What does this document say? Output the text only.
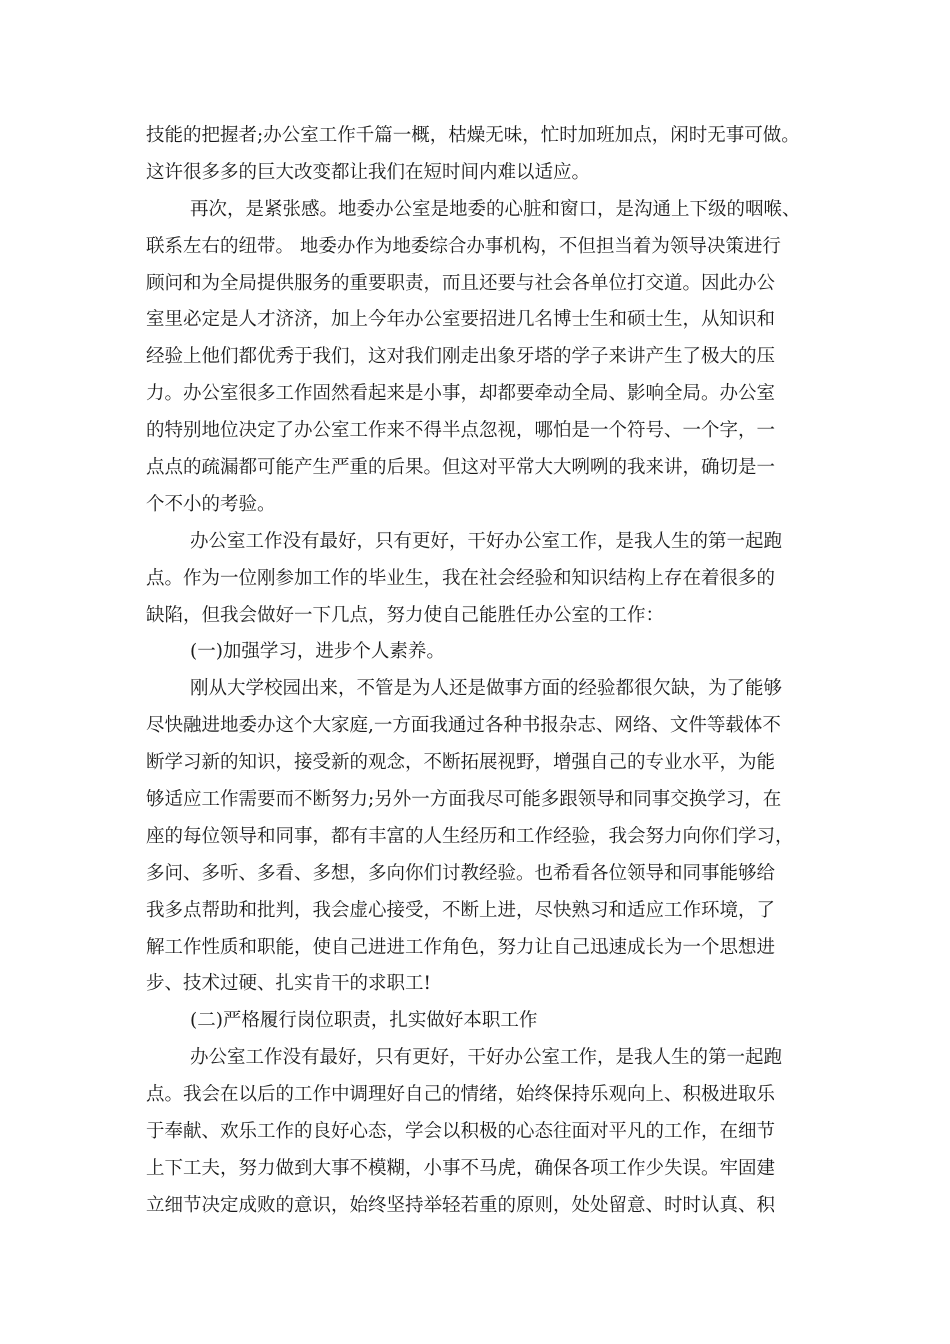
技能的把握者;办公室工作千篇一概，枯燥无味，忙时加班加点，闲时无事可做。
这许很多多的巨大改变都让我们在短时间内难以适应。
再次，是紧张感。地委办公室是地委的心脏和窗口，是沟通上下级的咽喉、
联系左右的纽带。 地委办作为地委综合办事机构，不但担当着为领导决策进行
顾问和为全局提供服务的重要职责，而且还要与社会各单位打交道。因此办公
室里必定是人才济济，加上今年办公室要招进几名博士生和硕士生，从知识和
经验上他们都优秀于我们，这对我们刚走出象牙塔的学子来讲产生了极大的压
力。办公室很多工作固然看起来是小事，却都要牵动全局、影响全局。办公室
的特别地位决定了办公室工作来不得半点忽视，哪怕是一个符号、一个字，一
点点的疏漏都可能产生严重的后果。但这对平常大大咧咧的我来讲，确切是一
个不小的考验。
办公室工作没有最好，只有更好，干好办公室工作，是我人生的第一起跑
点。作为一位刚参加工作的毕业生，我在社会经验和知识结构上存在着很多的
缺陷，但我会做好一下几点，努力使自己能胜任办公室的工作：
(一)加强学习，进步个人素养。
刚从大学校园出来，不管是为人还是做事方面的经验都很欠缺，为了能够
尽快融进地委办这个大家庭,一方面我通过各种书报杂志、网络、文件等载体不
断学习新的知识，接受新的观念，不断拓展视野，增强自己的专业水平，为能
够适应工作需要而不断努力;另外一方面我尽可能多跟领导和同事交换学习，在
座的每位领导和同事，都有丰富的人生经历和工作经验，我会努力向你们学习，
多问、多听、多看、多想，多向你们讨教经验。也希看各位领导和同事能够给
我多点帮助和批判，我会虚心接受，不断上进，尽快熟习和适应工作环境，了
解工作性质和职能，使自己进进工作角色，努力让自己迅速成长为一个思想进
步、技术过硬、扎实肯干的求职工!
(二)严格履行岗位职责，扎实做好本职工作
办公室工作没有最好，只有更好，干好办公室工作，是我人生的第一起跑
点。我会在以后的工作中调理好自己的情绪，始终保持乐观向上、积极进取乐
于奉献、欢乐工作的良好心态，学会以积极的心态往面对平凡的工作，在细节
上下工夫，努力做到大事不模糊，小事不马虎，确保各项工作少失误。牢固建
立细节决定成败的意识，始终坚持举轻若重的原则，处处留意、时时认真、积
